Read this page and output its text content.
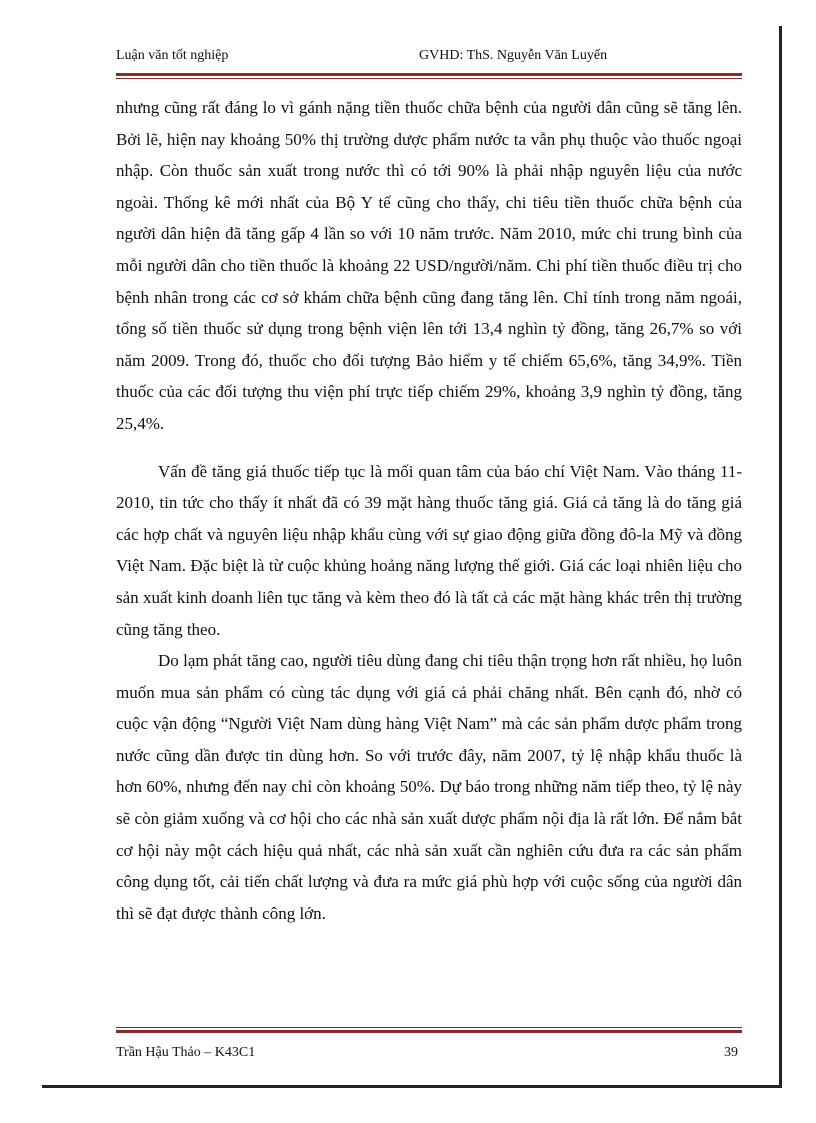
Luận văn tốt nghiệp	GVHD: ThS. Nguyễn Văn Luyến

nhưng cũng rất đáng lo vì gánh nặng tiền thuốc chữa bệnh của người dân cũng sẽ tăng lên. Bởi lẽ, hiện nay khoảng 50% thị trường dược phẩm nước ta vẫn phụ thuộc vào thuốc ngoại nhập. Còn thuốc sản xuất trong nước thì có tới 90% là phải nhập nguyên liệu của nước ngoài. Thống kê mới nhất của Bộ Y tế cũng cho thấy, chi tiêu tiền thuốc chữa bệnh của người dân hiện đã tăng gấp 4 lần so với 10 năm trước. Năm 2010, mức chi trung bình của mỗi người dân cho tiền thuốc là khoảng 22 USD/người/năm. Chi phí tiền thuốc điều trị cho bệnh nhân trong các cơ sở khám chữa bệnh cũng đang tăng lên. Chỉ tính trong năm ngoái, tổng số tiền thuốc sử dụng trong bệnh viện lên tới 13,4 nghìn tỷ đồng, tăng 26,7% so với năm 2009. Trong đó, thuốc cho đối tượng Bảo hiểm y tế chiếm 65,6%, tăng 34,9%. Tiền thuốc của các đối tượng thu viện phí trực tiếp chiếm 29%, khoảng 3,9 nghìn tỷ đồng, tăng 25,4%.

Vấn đề tăng giá thuốc tiếp tục là mối quan tâm của báo chí Việt Nam. Vào tháng 11-2010, tin tức cho thấy ít nhất đã có 39 mặt hàng thuốc tăng giá. Giá cả tăng là do tăng giá các hợp chất và nguyên liệu nhập khẩu cùng với sự giao động giữa đồng đô-la Mỹ và đồng Việt Nam. Đặc biệt là từ cuộc khủng hoảng năng lượng thế giới. Giá các loại nhiên liệu cho sản xuất kinh doanh liên tục tăng và kèm theo đó là tất cả các mặt hàng khác trên thị trường cũng tăng theo.

Do lạm phát tăng cao, người tiêu dùng đang chi tiêu thận trọng hơn rất nhiều, họ luôn muốn mua sản phẩm có cùng tác dụng với giá cả phải chăng nhất. Bên cạnh đó, nhờ có cuộc vận động “Người Việt Nam dùng hàng Việt Nam” mà các sản phẩm dược phẩm trong nước cũng dần được tin dùng hơn. So với trước đây, năm 2007, tỷ lệ nhập khẩu thuốc là hơn 60%, nhưng đến nay chỉ còn khoảng 50%. Dự báo trong những năm tiếp theo, tỷ lệ này sẽ còn giảm xuống và cơ hội cho các nhà sản xuất dược phẩm nội địa là rất lớn. Để nắm bắt cơ hội này một cách hiệu quả nhất, các nhà sản xuất cần nghiên cứu đưa ra các sản phẩm công dụng tốt, cải tiến chất lượng và đưa ra mức giá phù hợp với cuộc sống của người dân thì sẽ đạt được thành công lớn.

Trần Hậu Thảo – K43C1	39
